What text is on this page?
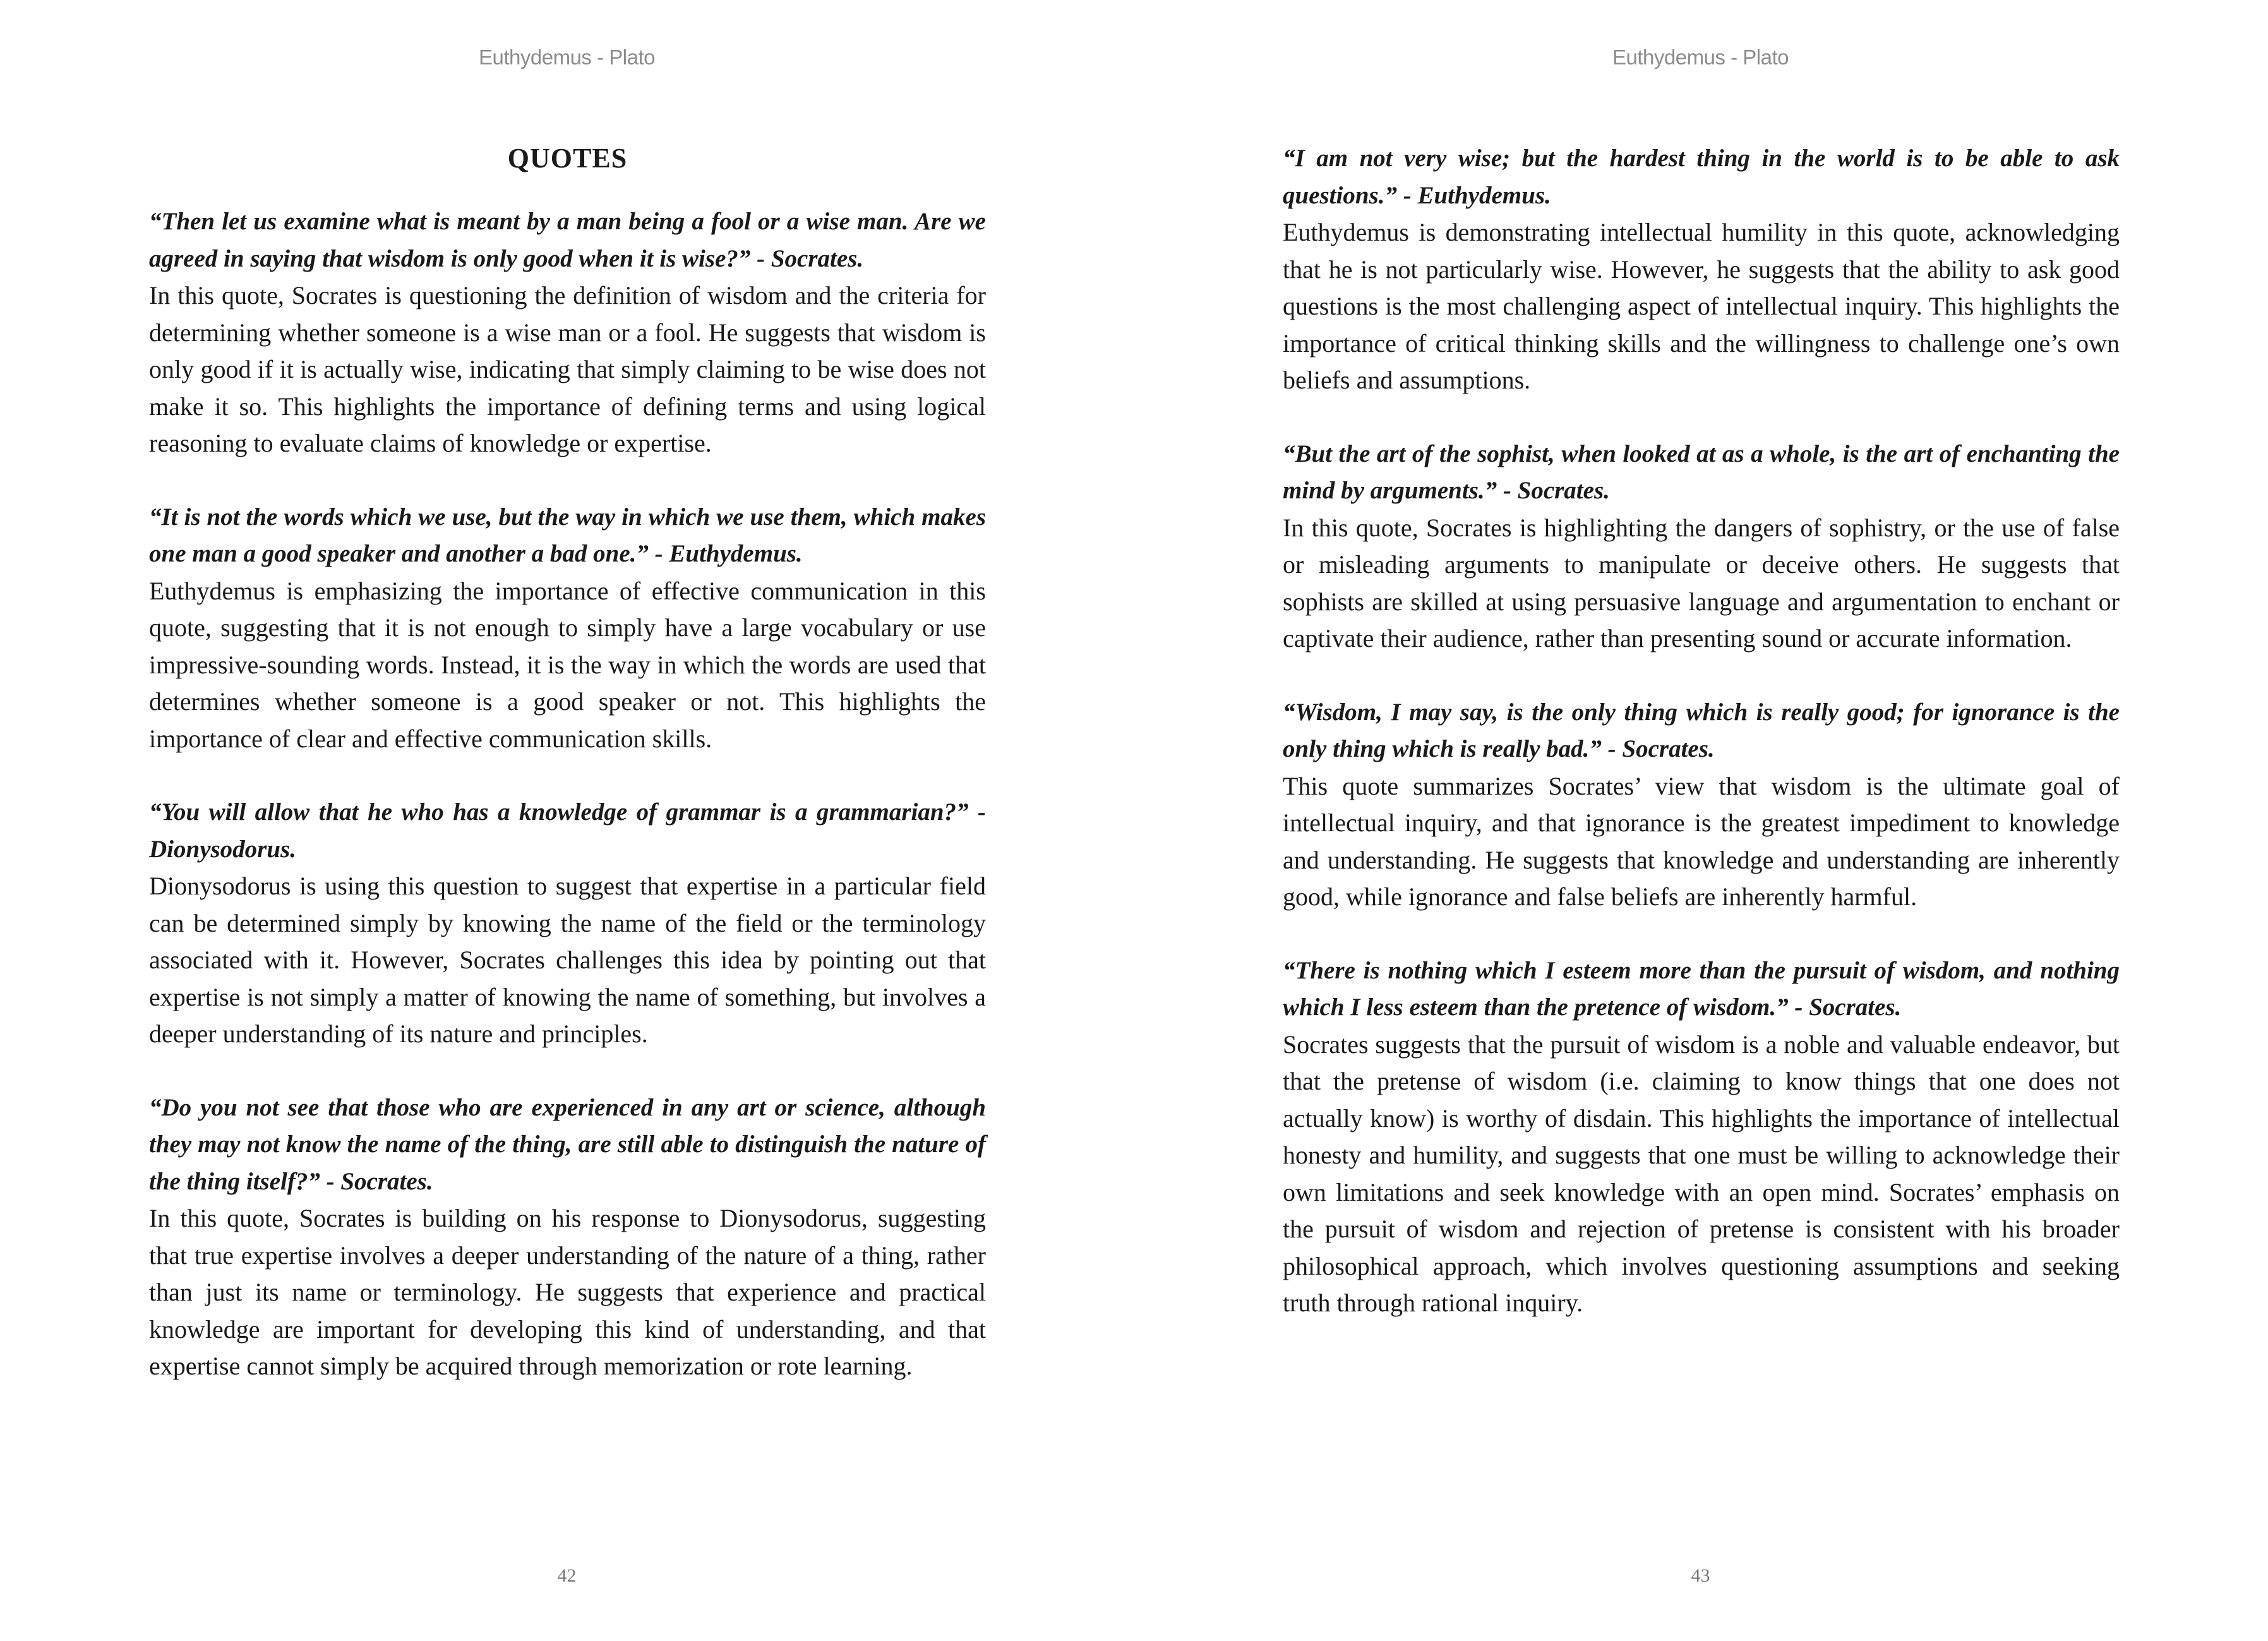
Euthydemus - Plato
QUOTES

“Then let us examine what is meant by a man being a fool or a wise man. Are we agreed in saying that wisdom is only good when it is wise?” - Socrates.

In this quote, Socrates is questioning the definition of wisdom and the criteria for determining whether someone is a wise man or a fool. He suggests that wisdom is only good if it is actually wise, indicating that simply claiming to be wise does not make it so. This highlights the importance of defining terms and using logical reasoning to evaluate claims of knowledge or expertise.

“It is not the words which we use, but the way in which we use them, which makes one man a good speaker and another a bad one.” - Euthydemus.

Euthydemus is emphasizing the importance of effective communication in this quote, suggesting that it is not enough to simply have a large vocabulary or use impressive-sounding words. Instead, it is the way in which the words are used that determines whether someone is a good speaker or not. This highlights the importance of clear and effective communication skills.

“You will allow that he who has a knowledge of grammar is a grammarian?” - Dionysodorus.

Dionysodorus is using this question to suggest that expertise in a particular field can be determined simply by knowing the name of the field or the terminology associated with it. However, Socrates challenges this idea by pointing out that expertise is not simply a matter of knowing the name of something, but involves a deeper understanding of its nature and principles.

“Do you not see that those who are experienced in any art or science, although they may not know the name of the thing, are still able to distinguish the nature of the thing itself?” - Socrates.

In this quote, Socrates is building on his response to Dionysodorus, suggesting that true expertise involves a deeper understanding of the nature of a thing, rather than just its name or terminology. He suggests that experience and practical knowledge are important for developing this kind of understanding, and that expertise cannot simply be acquired through memorization or rote learning.

42
Euthydemus - Plato

“I am not very wise; but the hardest thing in the world is to be able to ask questions.” - Euthydemus.

Euthydemus is demonstrating intellectual humility in this quote, acknowledging that he is not particularly wise. However, he suggests that the ability to ask good questions is the most challenging aspect of intellectual inquiry. This highlights the importance of critical thinking skills and the willingness to challenge one’s own beliefs and assumptions.

“But the art of the sophist, when looked at as a whole, is the art of enchanting the mind by arguments.” - Socrates.

In this quote, Socrates is highlighting the dangers of sophistry, or the use of false or misleading arguments to manipulate or deceive others. He suggests that sophists are skilled at using persuasive language and argumentation to enchant or captivate their audience, rather than presenting sound or accurate information.

“Wisdom, I may say, is the only thing which is really good; for ignorance is the only thing which is really bad.” - Socrates.

This quote summarizes Socrates’ view that wisdom is the ultimate goal of intellectual inquiry, and that ignorance is the greatest impediment to knowledge and understanding. He suggests that knowledge and understanding are inherently good, while ignorance and false beliefs are inherently harmful.

“There is nothing which I esteem more than the pursuit of wisdom, and nothing which I less esteem than the pretence of wisdom.” - Socrates.

Socrates suggests that the pursuit of wisdom is a noble and valuable endeavor, but that the pretense of wisdom (i.e. claiming to know things that one does not actually know) is worthy of disdain. This highlights the importance of intellectual honesty and humility, and suggests that one must be willing to acknowledge their own limitations and seek knowledge with an open mind. Socrates’ emphasis on the pursuit of wisdom and rejection of pretense is consistent with his broader philosophical approach, which involves questioning assumptions and seeking truth through rational inquiry.

43
